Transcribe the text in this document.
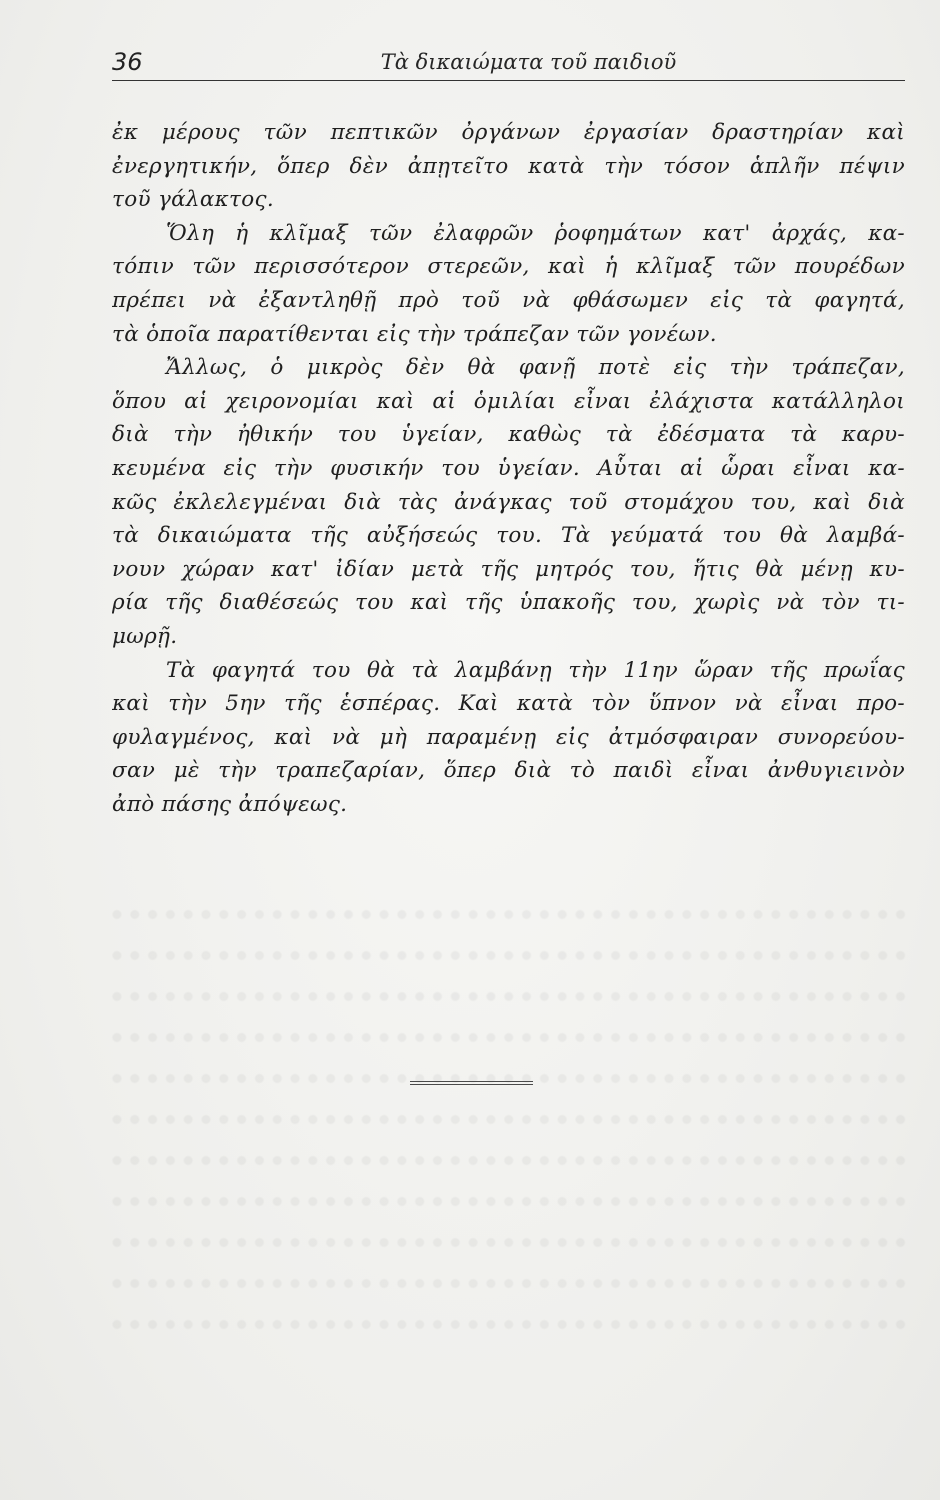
36	Τὰ δικαιώματα τοῦ παιδιοῦ
ἐκ μέρους τῶν πεπτικῶν ὀργάνων ἐργασίαν δραστηρίαν καὶ
ἐνεργητικήν, ὅπερ δὲν ἀπῃτεῖτο κατὰ τὴν τόσον ἁπλῆν πέψιν
τοῦ γάλακτος.
Ὅλη ἡ κλῖμαξ τῶν ἐλαφρῶν ῥοφημάτων κατ' ἀρχάς, κα-
τόπιν τῶν περισσότερον στερεῶν, καὶ ἡ κλῖμαξ τῶν πουρέδων
πρέπει νὰ ἐξαντληθῇ πρὸ τοῦ νὰ φθάσωμεν εἰς τὰ φαγητά,
τὰ ὁποῖα παρατίθενται εἰς τὴν τράπεζαν τῶν γονέων.
Ἄλλως, ὁ μικρὸς δὲν θὰ φανῇ ποτὲ εἰς τὴν τράπεζαν,
ὅπου αἱ χειρονομίαι καὶ αἱ ὁμιλίαι εἶναι ἐλάχιστα κατάλληλοι
διὰ τὴν ἠθικήν του ὑγείαν, καθὼς τὰ ἐδέσματα τὰ καρυ-
κευμένα εἰς τὴν φυσικήν του ὑγείαν. Αὗται αἱ ὧραι εἶναι κα-
κῶς ἐκλελεγμέναι διὰ τὰς ἀνάγκας τοῦ στομάχου του, καὶ διὰ
τὰ δικαιώματα τῆς αὐξήσεώς του. Τὰ γεύματά του θὰ λαμβά-
νουν χώραν κατ' ἰδίαν μετὰ τῆς μητρός του, ἥτις θὰ μένῃ κυ-
ρία τῆς διαθέσεώς του καὶ τῆς ὑπακοῆς του, χωρὶς νὰ τὸν τι-
μωρῇ.
Τὰ φαγητά του θὰ τὰ λαμβάνῃ τὴν 11ην ὥραν τῆς πρωΐας
καὶ τὴν 5ην τῆς ἑσπέρας. Καὶ κατὰ τὸν ὕπνον νὰ εἶναι προ-
φυλαγμένος, καὶ νὰ μὴ παραμένῃ εἰς ἀτμόσφαιραν συνορεύου-
σαν μὲ τὴν τραπεζαρίαν, ὅπερ διὰ τὸ παιδὶ εἶναι ἀνθυγιεινὸν
ἀπὸ πάσης ἀπόψεως.
